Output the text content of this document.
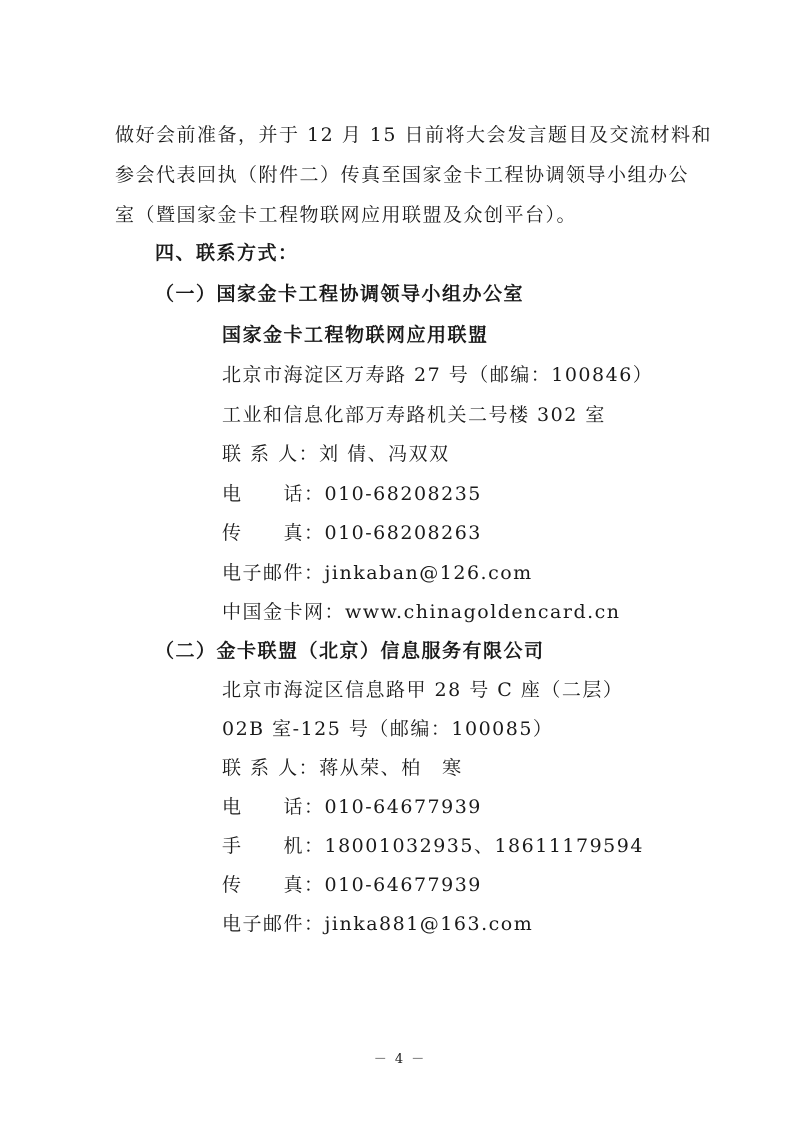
做好会前准备，并于 12 月 15 日前将大会发言题目及交流材料和
参会代表回执（附件二）传真至国家金卡工程协调领导小组办公
室（暨国家金卡工程物联网应用联盟及众创平台）。
四、联系方式：
（一）国家金卡工程协调领导小组办公室
国家金卡工程物联网应用联盟
北京市海淀区万寿路 27 号（邮编：100846）
工业和信息化部万寿路机关二号楼 302 室
联 系 人：刘 倩、冯双双
电　　话：010-68208235
传　　真：010-68208263
电子邮件：jinkaban@126.com
中国金卡网：www.chinagoldencard.cn
（二）金卡联盟（北京）信息服务有限公司
北京市海淀区信息路甲 28 号 C 座（二层）
02B 室-125 号（邮编：100085）
联 系 人：蒋从荣、柏　寒
电　　话：010-64677939
手　　机：18001032935、18611179594
传　　真：010-64677939
电子邮件：jinka881@163.com
－ 4 －
